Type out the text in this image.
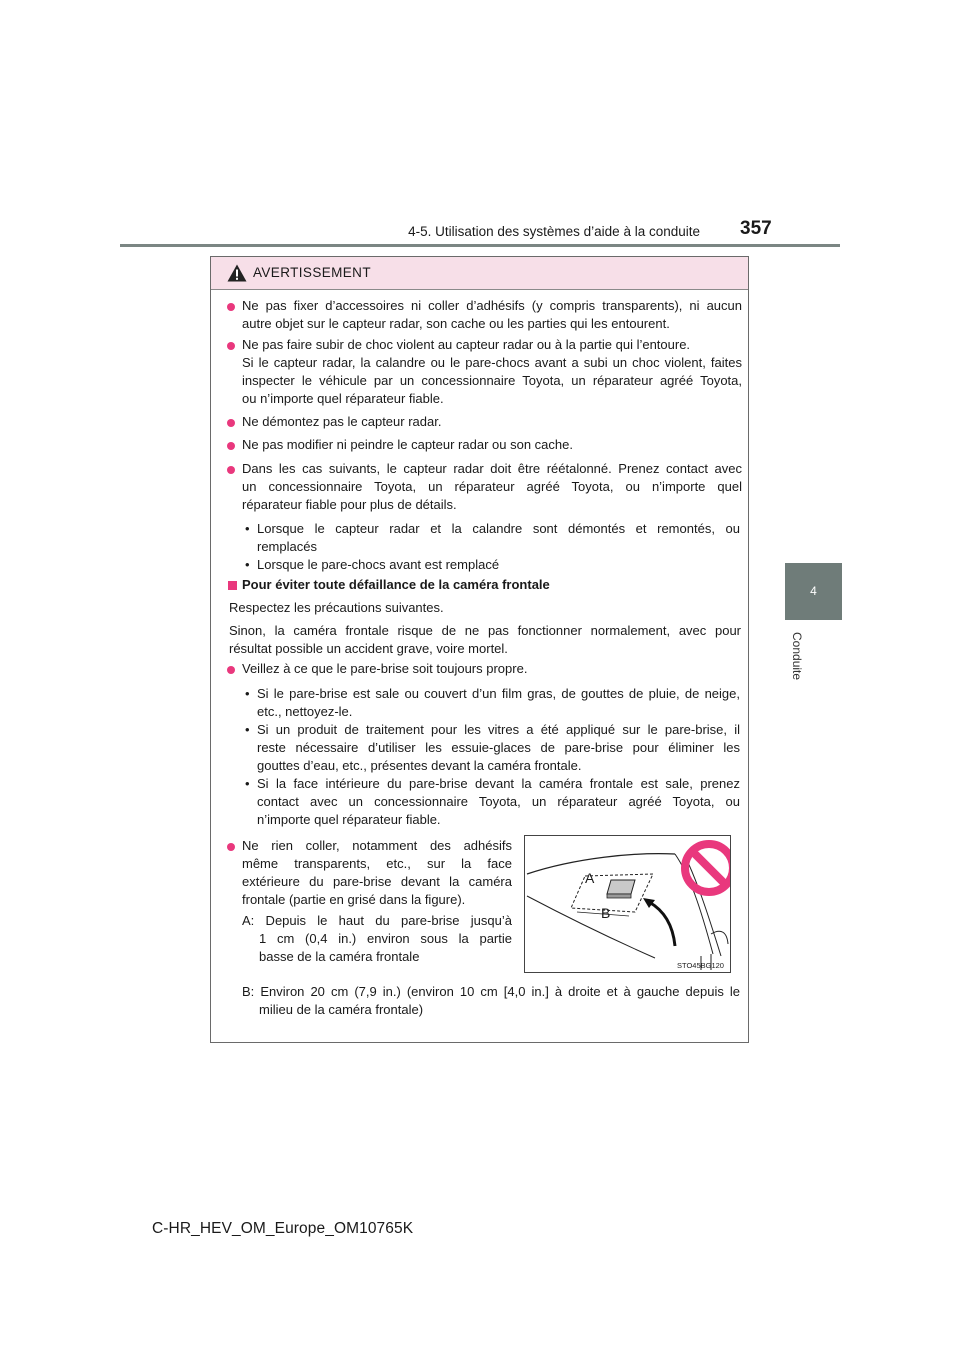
4-5. Utilisation des systèmes d’aide à la conduite 357
4
Conduite
AVERTISSEMENT
Ne pas fixer d’accessoires ni coller d’adhésifs (y compris transparents), ni aucun
autre objet sur le capteur radar, son cache ou les parties qui les entourent.
Ne pas faire subir de choc violent au capteur radar ou à la partie qui l’entoure.
Si le capteur radar, la calandre ou le pare-chocs avant a subi un choc violent, faites
inspecter le véhicule par un concessionnaire Toyota, un réparateur agréé Toyota,
ou n’importe quel réparateur fiable.
Ne démontez pas le capteur radar.
Ne pas modifier ni peindre le capteur radar ou son cache.
Dans les cas suivants, le capteur radar doit être réétalonné. Prenez contact avec
un concessionnaire Toyota, un réparateur agréé Toyota, ou n’importe quel
réparateur fiable pour plus de détails.
• Lorsque le capteur radar et la calandre sont démontés et remontés, ou
remplacés
• Lorsque le pare-chocs avant est remplacé
Pour éviter toute défaillance de la caméra frontale
Respectez les précautions suivantes.
Sinon, la caméra frontale risque de ne pas fonctionner normalement, avec pour
résultat possible un accident grave, voire mortel.
Veillez à ce que le pare-brise soit toujours propre.
• Si le pare-brise est sale ou couvert d’un film gras, de gouttes de pluie, de neige,
etc., nettoyez-le.
• Si un produit de traitement pour les vitres a été appliqué sur le pare-brise, il
reste nécessaire d’utiliser les essuie-glaces de pare-brise pour éliminer les
gouttes d’eau, etc., présentes devant la caméra frontale.
• Si la face intérieure du pare-brise devant la caméra frontale est sale, prenez
contact avec un concessionnaire Toyota, un réparateur agréé Toyota, ou
n’importe quel réparateur fiable.
Ne rien coller, notamment des adhésifs
même transparents, etc., sur la face
extérieure du pare-brise devant la caméra
frontale (partie en grisé dans la figure).
A: Depuis le haut du pare-brise jusqu’à
1 cm (0,4 in.) environ sous la partie
basse de la caméra frontale
A
B
STO45BG120
B: Environ 20 cm (7,9 in.) (environ 10 cm [4,0 in.] à droite et à gauche depuis le
milieu de la caméra frontale)
C-HR_HEV_OM_Europe_OM10765K
